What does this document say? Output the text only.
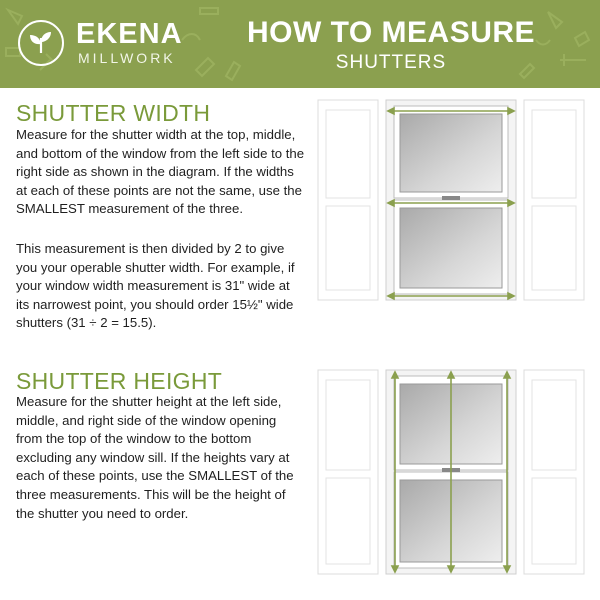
EKENA
MILLWORK
HOW TO MEASURE
SHUTTERS
SHUTTER WIDTH

Measure for the shutter width at the top, middle, and bottom of the window from the left side to the right side as shown in the diagram. If the widths at each of these points are not the same, use the SMALLEST measurement of the three.

This measurement is then divided by 2 to give you your operable shutter width. For example, if your window width measurement is 31" wide at its narrowest point, you should order 15½" wide shutters (31 ÷ 2 = 15.5).

SHUTTER HEIGHT

Measure for the shutter height at the left side, middle, and right side of the window opening from the top of the window to the bottom excluding any window sill. If the heights vary at each of these points, use the SMALLEST of the three measurements. This will be the height of the shutter you need to order.
